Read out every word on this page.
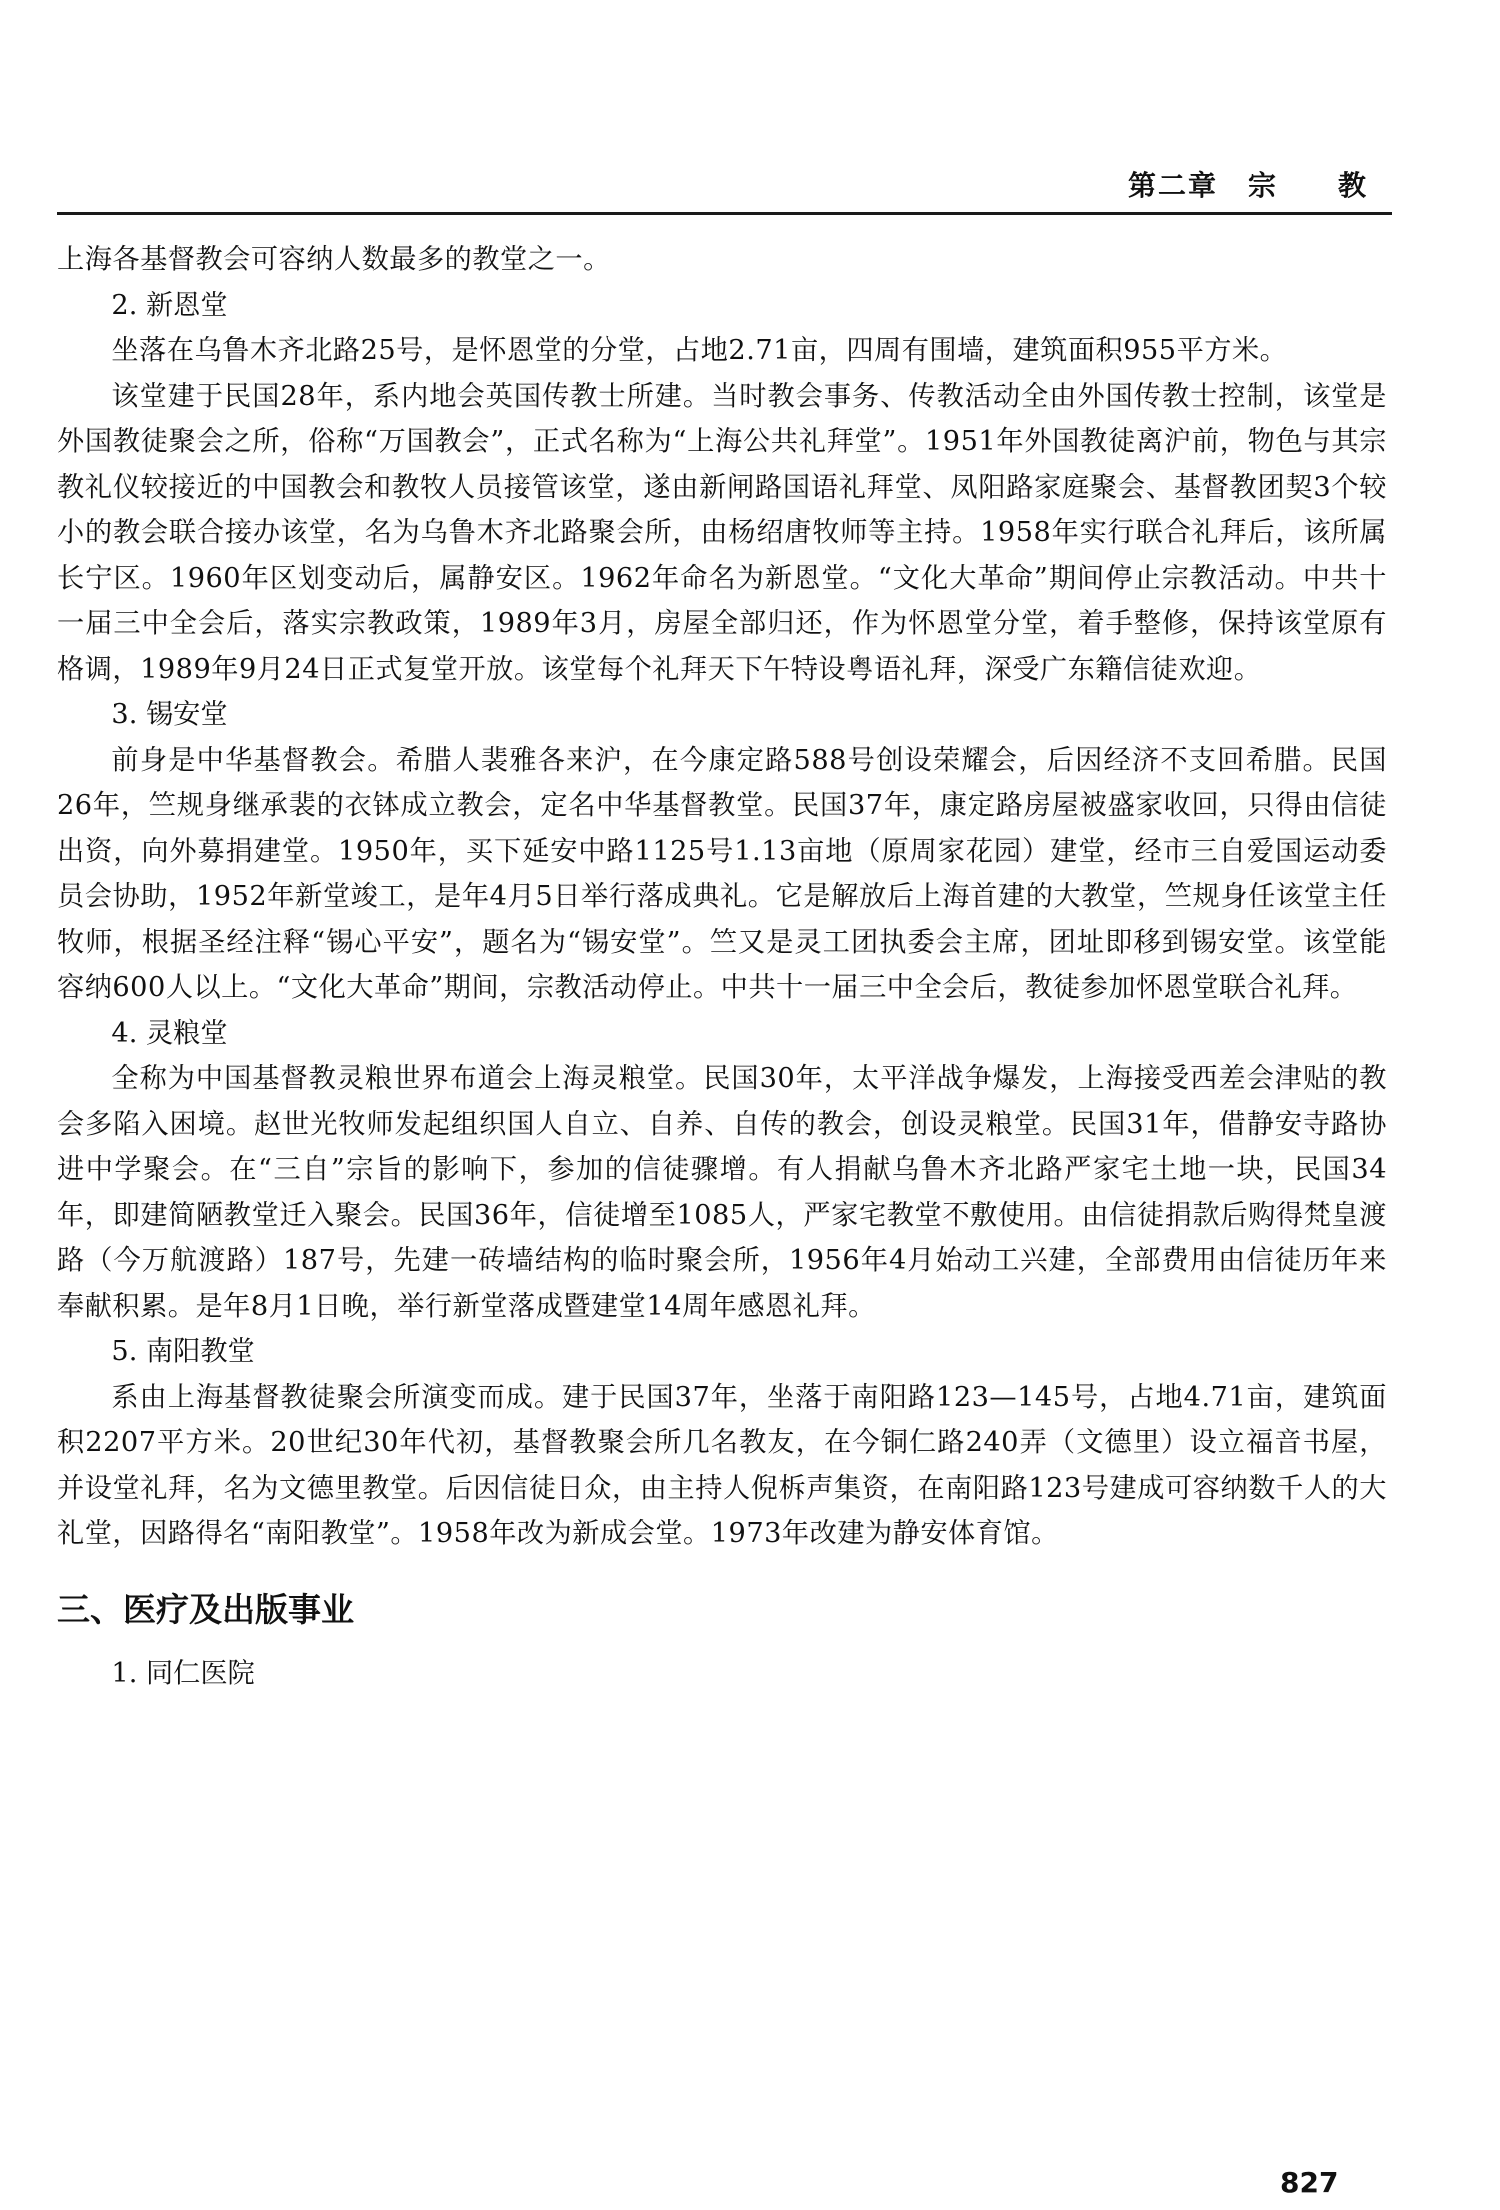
第二章　宗　　教

上海各基督教会可容纳人数最多的教堂之一。

2. 新恩堂

坐落在乌鲁木齐北路25号，是怀恩堂的分堂，占地2.71亩，四周有围墙，建筑面积955平方米。

该堂建于民国28年，系内地会英国传教士所建。当时教会事务、传教活动全由外国传教士控制，该堂是外国教徒聚会之所，俗称“万国教会”，正式名称为“上海公共礼拜堂”。1951年外国教徒离沪前，物色与其宗教礼仪较接近的中国教会和教牧人员接管该堂，遂由新闸路国语礼拜堂、凤阳路家庭聚会、基督教团契3个较小的教会联合接办该堂，名为乌鲁木齐北路聚会所，由杨绍唐牧师等主持。1958年实行联合礼拜后，该所属长宁区。1960年区划变动后，属静安区。1962年命名为新恩堂。“文化大革命”期间停止宗教活动。中共十一届三中全会后，落实宗教政策，1989年3月，房屋全部归还，作为怀恩堂分堂，着手整修，保持该堂原有格调，1989年9月24日正式复堂开放。该堂每个礼拜天下午特设粤语礼拜，深受广东籍信徒欢迎。

3. 锡安堂

前身是中华基督教会。希腊人裴雅各来沪，在今康定路588号创设荣耀会，后因经济不支回希腊。民国26年，竺规身继承裴的衣钵成立教会，定名中华基督教堂。民国37年，康定路房屋被盛家收回，只得由信徒出资，向外募捐建堂。1950年，买下延安中路1125号1.13亩地（原周家花园）建堂，经市三自爱国运动委员会协助，1952年新堂竣工，是年4月5日举行落成典礼。它是解放后上海首建的大教堂，竺规身任该堂主任牧师，根据圣经注释“锡心平安”，题名为“锡安堂”。竺又是灵工团执委会主席，团址即移到锡安堂。该堂能容纳600人以上。“文化大革命”期间，宗教活动停止。中共十一届三中全会后，教徒参加怀恩堂联合礼拜。

4. 灵粮堂

全称为中国基督教灵粮世界布道会上海灵粮堂。民国30年，太平洋战争爆发，上海接受西差会津贴的教会多陷入困境。赵世光牧师发起组织国人自立、自养、自传的教会，创设灵粮堂。民国31年，借静安寺路协进中学聚会。在“三自”宗旨的影响下，参加的信徒骤增。有人捐献乌鲁木齐北路严家宅土地一块，民国34年，即建简陋教堂迁入聚会。民国36年，信徒增至1085人，严家宅教堂不敷使用。由信徒捐款后购得梵皇渡路（今万航渡路）187号，先建一砖墙结构的临时聚会所，1956年4月始动工兴建，全部费用由信徒历年来奉献积累。是年8月1日晚，举行新堂落成暨建堂14周年感恩礼拜。

5. 南阳教堂

系由上海基督教徒聚会所演变而成。建于民国37年，坐落于南阳路123—145号，占地4.71亩，建筑面积2207平方米。20世纪30年代初，基督教聚会所几名教友，在今铜仁路240弄（文德里）设立福音书屋，并设堂礼拜，名为文德里教堂。后因信徒日众，由主持人倪柝声集资，在南阳路123号建成可容纳数千人的大礼堂，因路得名“南阳教堂”。1958年改为新成会堂。1973年改建为静安体育馆。

三、医疗及出版事业

1. 同仁医院

827
